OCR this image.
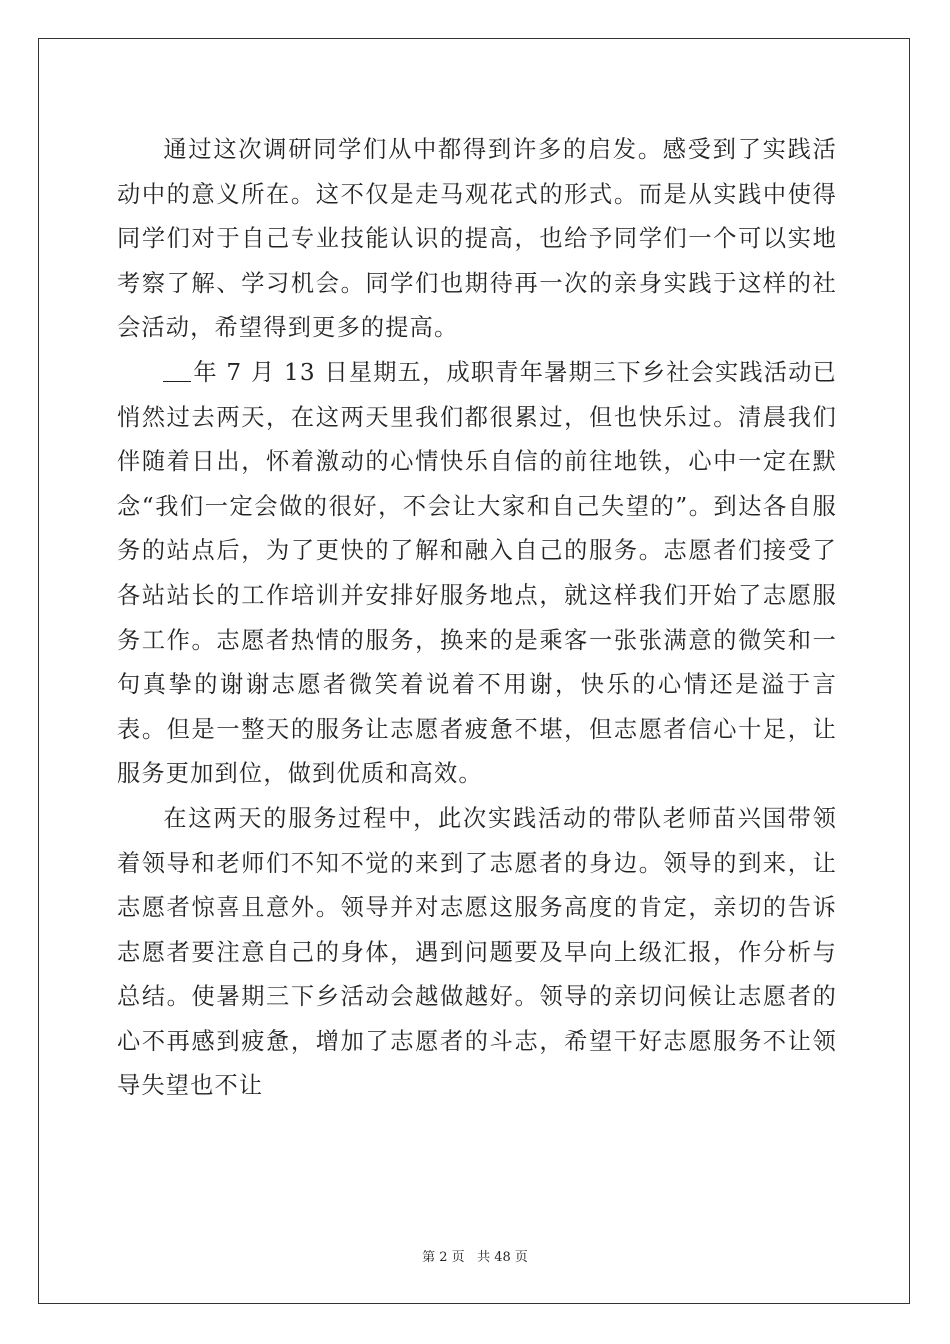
通过这次调研同学们从中都得到许多的启发。感受到了实践活动中的意义所在。这不仅是走马观花式的形式。而是从实践中使得同学们对于自己专业技能认识的提高，也给予同学们一个可以实地考察了解、学习机会。同学们也期待再一次的亲身实践于这样的社会活动，希望得到更多的提高。

年 7 月 13 日星期五，成职青年暑期三下乡社会实践活动已悄然过去两天，在这两天里我们都很累过，但也快乐过。清晨我们伴随着日出，怀着激动的心情快乐自信的前往地铁，心中一定在默念“我们一定会做的很好，不会让大家和自己失望的”。到达各自服务的站点后，为了更快的了解和融入自己的服务。志愿者们接受了各站站长的工作培训并安排好服务地点，就这样我们开始了志愿服务工作。志愿者热情的服务，换来的是乘客一张张满意的微笑和一句真挚的谢谢志愿者微笑着说着不用谢，快乐的心情还是溢于言表。但是一整天的服务让志愿者疲惫不堪，但志愿者信心十足，让服务更加到位，做到优质和高效。

在这两天的服务过程中，此次实践活动的带队老师苗兴国带领着领导和老师们不知不觉的来到了志愿者的身边。领导的到来，让志愿者惊喜且意外。领导并对志愿这服务高度的肯定，亲切的告诉志愿者要注意自己的身体，遇到问题要及早向上级汇报，作分析与总结。使暑期三下乡活动会越做越好。领导的亲切问候让志愿者的心不再感到疲惫，增加了志愿者的斗志，希望干好志愿服务不让领导失望也不让

第 2 页 共 48 页
